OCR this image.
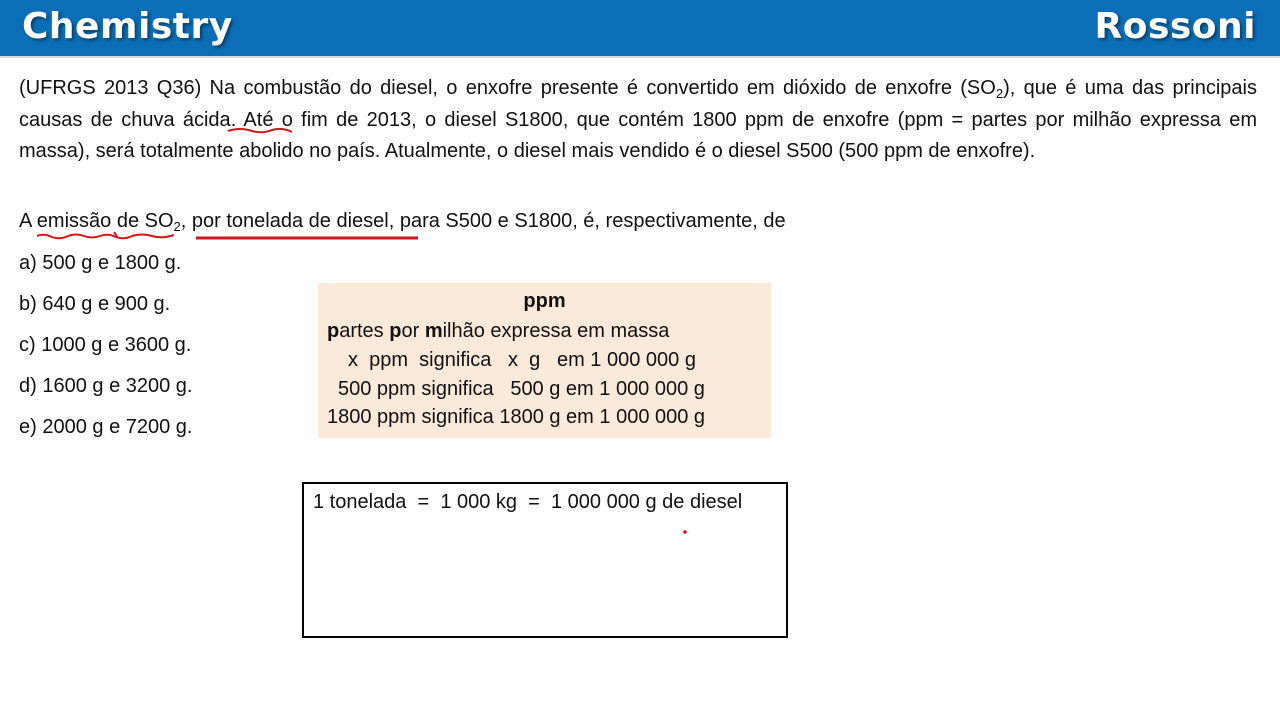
Chemistry	Rossoni

(UFRGS 2013 Q36) Na combustão do diesel, o enxofre presente é convertido em dióxido de enxofre $(SO_2)$, que é uma das principais causas de chuva ácida. Até o fim de 2013, o diesel S1800, que contém 1800 ppm de enxofre (ppm = partes por milhão expressa em massa), será totalmente abolido no país. Atualmente, o diesel mais vendido é o diesel S500 (500 ppm de enxofre).

A emissão de $SO_2$, por tonelada de diesel, para S500 e S1800, é, respectivamente, de

a) 500 g e 1800 g.
b) 640 g e 900 g.
c) 1000 g e 3600 g.
d) 1600 g e 3200 g.
e) 2000 g e 7200 g.
ppm
partes por milhão expressa em massa
x  ppm  significa   x  g   em 1 000 000 g
500 ppm significa   500 g em 1 000 000 g
1800 ppm significa 1800 g em 1 000 000 g
1 tonelada  =  1 000 kg  =  1 000 000 g de diesel
